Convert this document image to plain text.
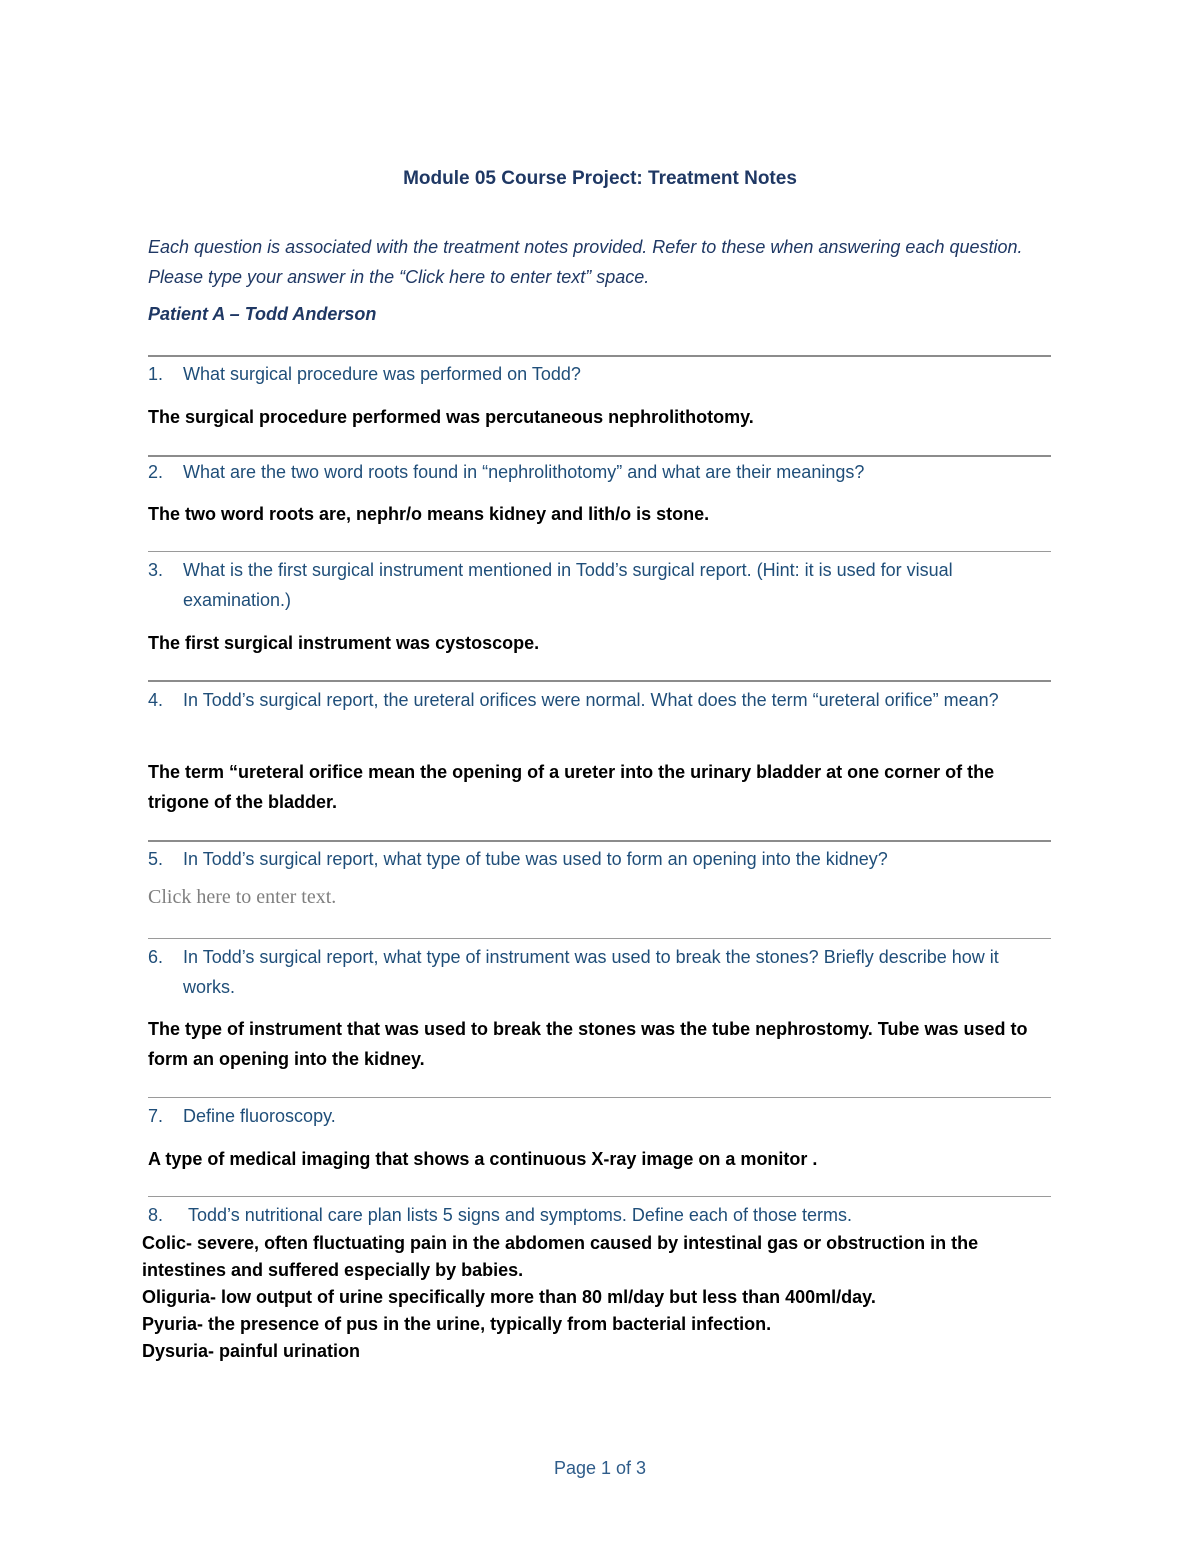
Module 05 Course Project: Treatment Notes
Each question is associated with the treatment notes provided. Refer to these when answering each question. Please type your answer in the “Click here to enter text” space.
Patient A – Todd Anderson
1.	What surgical procedure was performed on Todd?
The surgical procedure performed was percutaneous nephrolithotomy.
2.	What are the two word roots found in “nephrolithotomy” and what are their meanings?
The two word roots are, nephr/o means kidney and lith/o is stone.
3.	What is the first surgical instrument mentioned in Todd’s surgical report. (Hint: it is used for visual examination.)
The first surgical instrument was cystoscope.
4.	In Todd’s surgical report, the ureteral orifices were normal. What does the term “ureteral orifice” mean?
The term “ureteral orifice mean the opening of a ureter into the urinary bladder at one corner of the trigone of the bladder.
5.	In Todd’s surgical report, what type of tube was used to form an opening into the kidney?
Click here to enter text.
6.	In Todd’s surgical report, what type of instrument was used to break the stones? Briefly describe how it works.
The type of instrument that was used to break the stones was the tube nephrostomy. Tube was used to form an opening into the kidney.
7.	Define fluoroscopy.
A type of medical imaging that shows a continuous X-ray image on a monitor .
8.	Todd’s nutritional care plan lists 5 signs and symptoms. Define each of those terms.
Colic- severe, often fluctuating pain in the abdomen caused by intestinal gas or obstruction in the intestines and suffered especially by babies.
Oliguria- low output of urine specifically more than 80 ml/day but less than 400ml/day.
Pyuria- the presence of pus in the urine, typically from bacterial infection.
Dysuria- painful urination
Page 1 of 3
